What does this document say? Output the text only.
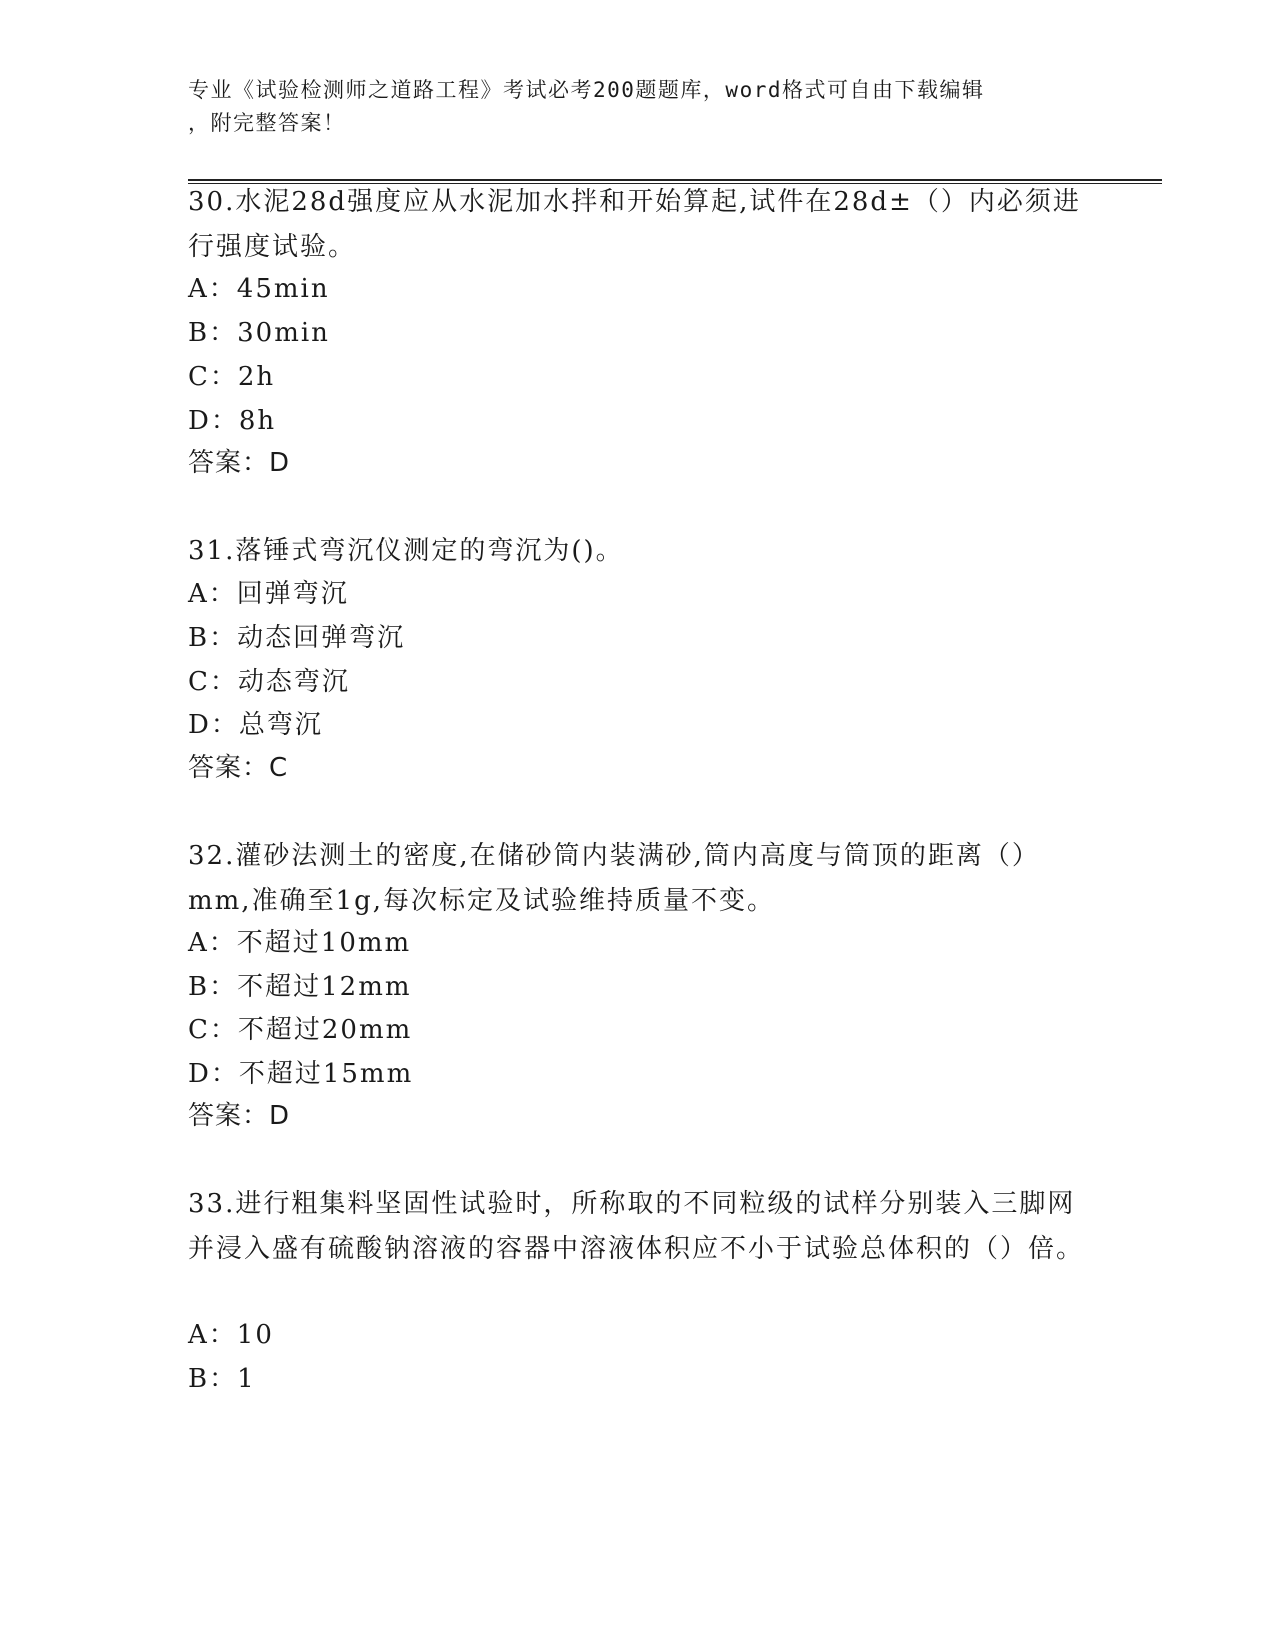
专业《试验检测师之道路工程》考试必考200题题库，word格式可自由下载编辑
，附完整答案！
30.水泥28d强度应从水泥加水拌和开始算起,试件在28d±（）内必须进行强度试验。
A：45min
B：30min
C：2h
D：8h
答案：D
31.落锤式弯沉仪测定的弯沉为()。
A：回弹弯沉
B：动态回弹弯沉
C：动态弯沉
D：总弯沉
答案：C
32.灌砂法测土的密度,在储砂筒内装满砂,筒内高度与筒顶的距离（）mm,准确至1g,每次标定及试验维持质量不变。
A：不超过10mm
B：不超过12mm
C：不超过20mm
D：不超过15mm
答案：D
33.进行粗集料坚固性试验时，所称取的不同粒级的试样分别装入三脚网并浸入盛有硫酸钠溶液的容器中溶液体积应不小于试验总体积的（）倍。
A：10
B：1
